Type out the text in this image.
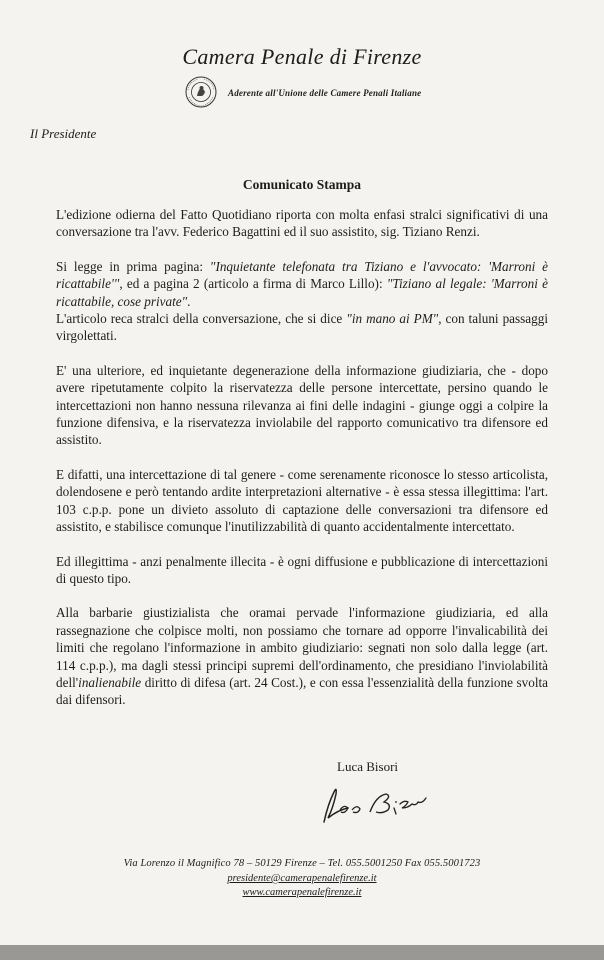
Camera Penale di Firenze
Aderente all'Unione delle Camere Penali Italiane
Il Presidente
Comunicato Stampa

L'edizione odierna del Fatto Quotidiano riporta con molta enfasi stralci significativi di una conversazione tra l'avv. Federico Bagattini ed il suo assistito, sig. Tiziano Renzi.

Si legge in prima pagina: "Inquietante telefonata tra Tiziano e l'avvocato: 'Marroni è ricattabile'", ed a pagina 2 (articolo a firma di Marco Lillo): "Tiziano al legale: 'Marroni è ricattabile, cose private".

L'articolo reca stralci della conversazione, che si dice "in mano ai PM", con taluni passaggi virgolettati.

E' una ulteriore, ed inquietante degenerazione della informazione giudiziaria, che - dopo avere ripetutamente colpito la riservatezza delle persone intercettate, persino quando le intercettazioni non hanno nessuna rilevanza ai fini delle indagini - giunge oggi a colpire la funzione difensiva, e la riservatezza inviolabile del rapporto comunicativo tra difensore ed assistito.

E difatti, una intercettazione di tal genere - come serenamente riconosce lo stesso articolista, dolendosene e però tentando ardite interpretazioni alternative - è essa stessa illegittima: l'art. 103 c.p.p. pone un divieto assoluto di captazione delle conversazioni tra difensore ed assistito, e stabilisce comunque l'inutilizzabilità di quanto accidentalmente intercettato.

Ed illegittima - anzi penalmente illecita - è ogni diffusione e pubblicazione di intercettazioni di questo tipo.

Alla barbarie giustizialista che oramai pervade l'informazione giudiziaria, ed alla rassegnazione che colpisce molti, non possiamo che tornare ad opporre l'invalicabilità dei limiti che regolano l'informazione in ambito giudiziario: segnati non solo dalla legge (art. 114 c.p.p.), ma dagli stessi principi supremi dell'ordinamento, che presidiano l'inviolabilità dell'inalienabile diritto di difesa (art. 24 Cost.), e con essa l'essenzialità della funzione svolta dai difensori.

Luca Bisori
Via Lorenzo il Magnifico 78 – 50129 Firenze – Tel. 055.5001250 Fax 055.5001723
presidente@camerapenalefirenze.it
www.camerapenalefirenze.it
